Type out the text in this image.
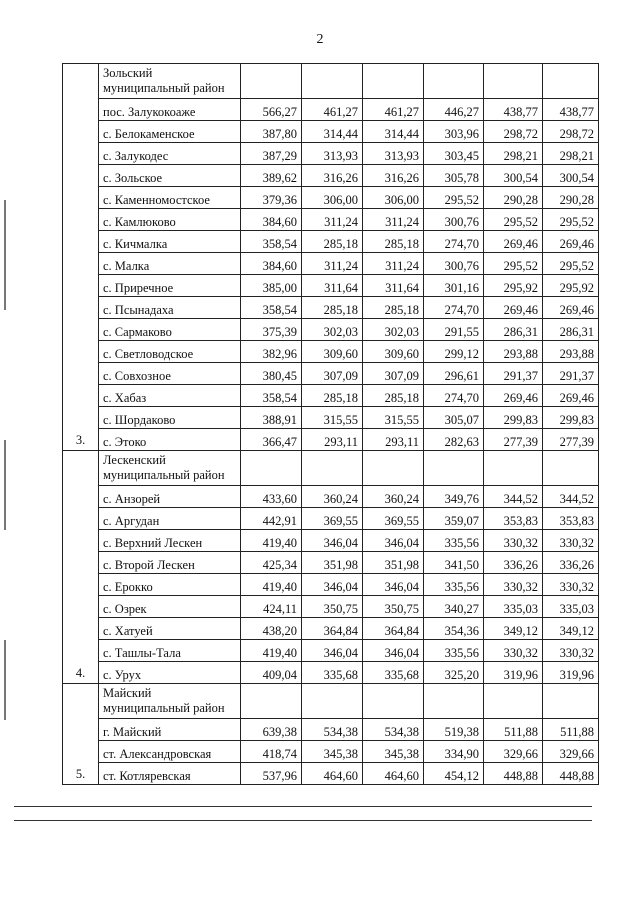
2
3.	Зольский муниципальный район						
	пос. Залукокоаже	566,27	461,27	461,27	446,27	438,77	438,77
	с. Белокаменское	387,80	314,44	314,44	303,96	298,72	298,72
	с. Залукодес	387,29	313,93	313,93	303,45	298,21	298,21
	с. Зольское	389,62	316,26	316,26	305,78	300,54	300,54
	с. Каменномостское	379,36	306,00	306,00	295,52	290,28	290,28
	с. Камлюково	384,60	311,24	311,24	300,76	295,52	295,52
	с. Кичмалка	358,54	285,18	285,18	274,70	269,46	269,46
	с. Малка	384,60	311,24	311,24	300,76	295,52	295,52
	с. Приречное	385,00	311,64	311,64	301,16	295,92	295,92
	с. Псынадаха	358,54	285,18	285,18	274,70	269,46	269,46
	с. Сармаково	375,39	302,03	302,03	291,55	286,31	286,31
	с. Светловодское	382,96	309,60	309,60	299,12	293,88	293,88
	с. Совхозное	380,45	307,09	307,09	296,61	291,37	291,37
	с. Хабаз	358,54	285,18	285,18	274,70	269,46	269,46
	с. Шордаково	388,91	315,55	315,55	305,07	299,83	299,83
	с. Этоко	366,47	293,11	293,11	282,63	277,39	277,39
4.	Лескенский муниципальный район						
	с. Анзорей	433,60	360,24	360,24	349,76	344,52	344,52
	с. Аргудан	442,91	369,55	369,55	359,07	353,83	353,83
	с. Верхний Лескен	419,40	346,04	346,04	335,56	330,32	330,32
	с. Второй Лескен	425,34	351,98	351,98	341,50	336,26	336,26
	с. Ерокко	419,40	346,04	346,04	335,56	330,32	330,32
	с. Озрек	424,11	350,75	350,75	340,27	335,03	335,03
	с. Хатуей	438,20	364,84	364,84	354,36	349,12	349,12
	с. Ташлы-Тала	419,40	346,04	346,04	335,56	330,32	330,32
	с. Урух	409,04	335,68	335,68	325,20	319,96	319,96
5.	Майский муниципальный район						
	г. Майский	639,38	534,38	534,38	519,38	511,88	511,88
	ст. Александровская	418,74	345,38	345,38	334,90	329,66	329,66
	ст. Котляревская	537,96	464,60	464,60	454,12	448,88	448,88
